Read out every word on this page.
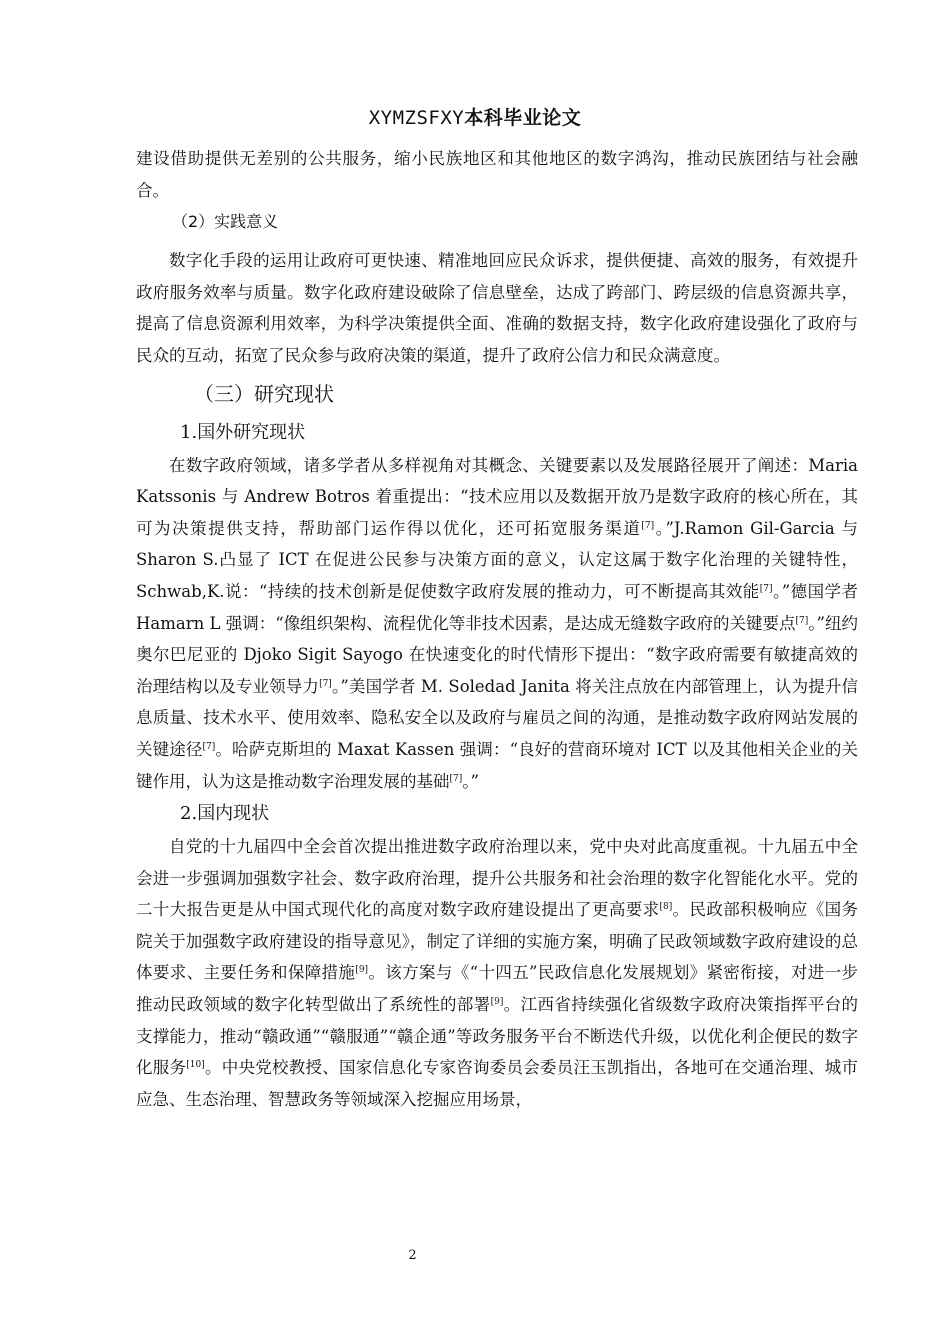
XYMZSFXY本科毕业论文

建设借助提供无差别的公共服务，缩小民族地区和其他地区的数字鸿沟，推动民族团结与社会融合。

（2）实践意义

数字化手段的运用让政府可更快速、精准地回应民众诉求，提供便捷、高效的服务，有效提升政府服务效率与质量。数字化政府建设破除了信息壁垒，达成了跨部门、跨层级的信息资源共享，提高了信息资源利用效率，为科学决策提供全面、准确的数据支持，数字化政府建设强化了政府与民众的互动，拓宽了民众参与政府决策的渠道，提升了政府公信力和民众满意度。

（三）研究现状

1.国外研究现状

在数字政府领域，诸多学者从多样视角对其概念、关键要素以及发展路径展开了阐述：Maria Katssonis 与 Andrew Botros 着重提出：“技术应用以及数据开放乃是数字政府的核心所在，其可为决策提供支持，帮助部门运作得以优化，还可拓宽服务渠道[7]。”J.Ramon Gil-Garcia 与 Sharon S.凸显了 ICT 在促进公民参与决策方面的意义，认定这属于数字化治理的关键特性，Schwab,K.说：“持续的技术创新是促使数字政府发展的推动力，可不断提高其效能[7]。”德国学者 Hamarn L 强调：“像组织架构、流程优化等非技术因素，是达成无缝数字政府的关键要点[7]。”纽约奥尔巴尼亚的 Djoko Sigit Sayogo 在快速变化的时代情形下提出：“数字政府需要有敏捷高效的治理结构以及专业领导力[7]。”美国学者 M. Soledad Janita 将关注点放在内部管理上，认为提升信息质量、技术水平、使用效率、隐私安全以及政府与雇员之间的沟通，是推动数字政府网站发展的关键途径[7]。哈萨克斯坦的 Maxat Kassen 强调：“良好的营商环境对 ICT 以及其他相关企业的关键作用，认为这是推动数字治理发展的基础[7]。”

2.国内现状

自党的十九届四中全会首次提出推进数字政府治理以来，党中央对此高度重视。十九届五中全会进一步强调加强数字社会、数字政府治理，提升公共服务和社会治理的数字化智能化水平。党的二十大报告更是从中国式现代化的高度对数字政府建设提出了更高要求[8]。民政部积极响应《国务院关于加强数字政府建设的指导意见》，制定了详细的实施方案，明确了民政领域数字政府建设的总体要求、主要任务和保障措施[9]。该方案与《“十四五”民政信息化发展规划》紧密衔接，对进一步推动民政领域的数字化转型做出了系统性的部署[9]。江西省持续强化省级数字政府决策指挥平台的支撑能力，推动“赣政通”“赣服通”“赣企通”等政务服务平台不断迭代升级，以优化利企便民的数字化服务[10]。中央党校教授、国家信息化专家咨询委员会委员汪玉凯指出，各地可在交通治理、城市应急、生态治理、智慧政务等领域深入挖掘应用场景，

2
